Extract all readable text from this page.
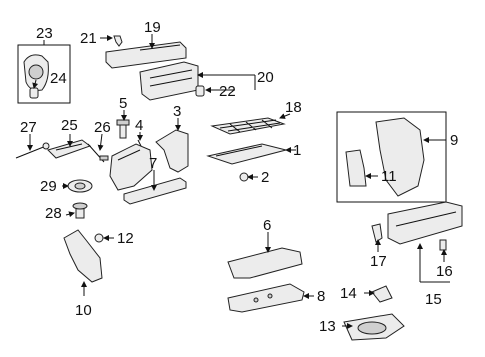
1
2
3
4
5
6
7
8
9
10
11
12
13
14	15
16
17
18
19
20
21
22
23
24
25 26
27
28
29
